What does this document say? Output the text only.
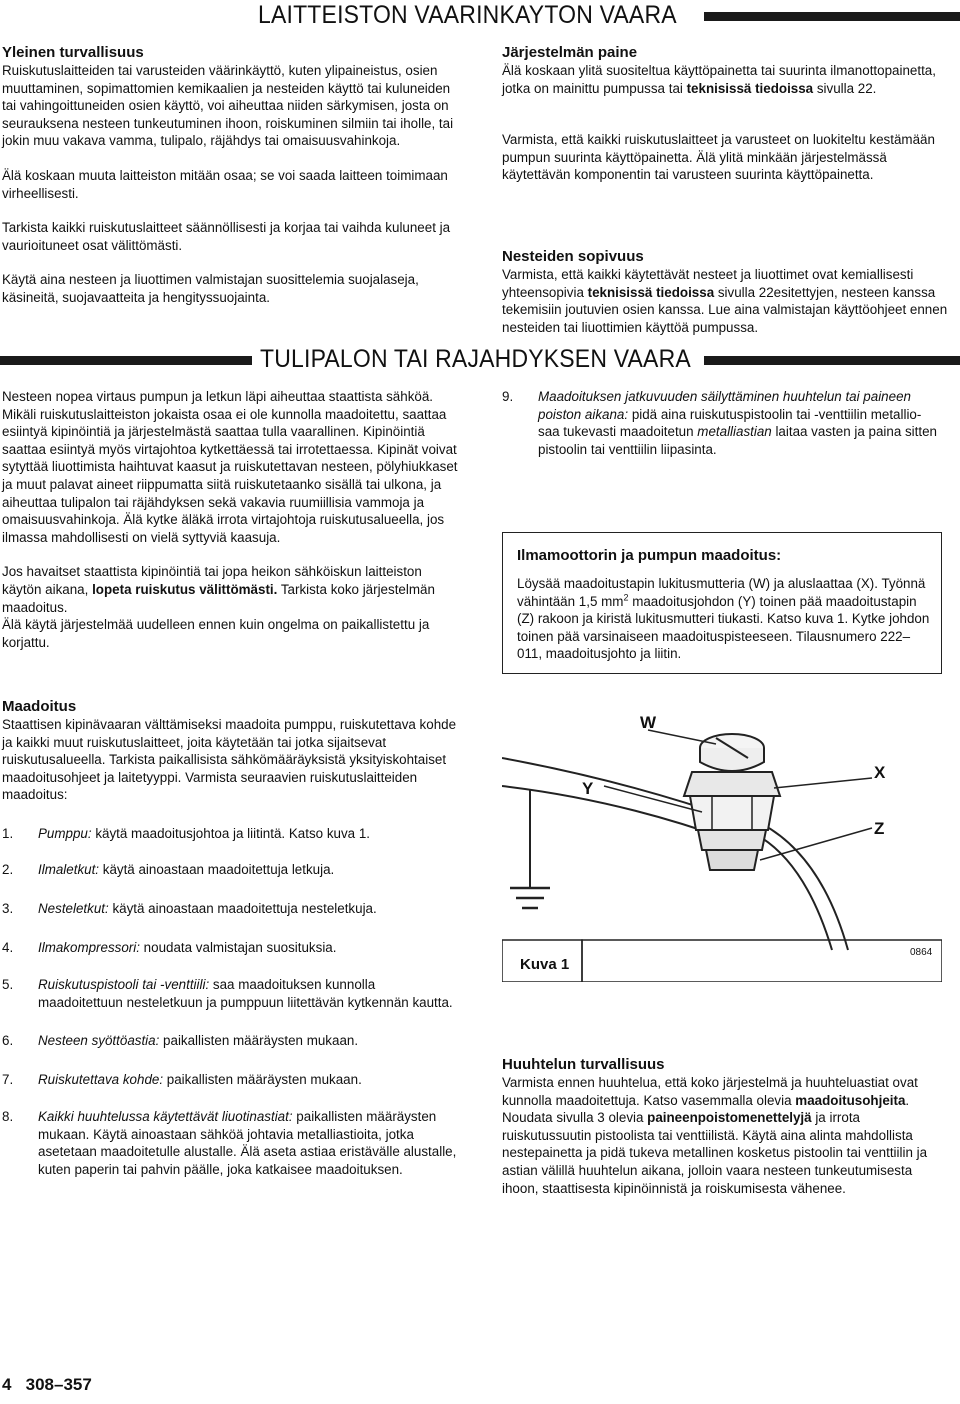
LAITTEISTON VAARINKAYTON VAARA
Yleinen turvallisuus

Ruiskutuslaitteiden tai varusteiden väärinkäyttö, kuten ylipaineistus, osien muuttaminen, sopimattomien kemikaalien ja nesteiden käyttö tai kuluneiden tai vahingoittuneiden osien käyttö, voi aiheuttaa niiden särkymisen, josta on seurauksena nesteen tunkeutuminen ihoon, roiskuminen silmiin tai iholle, tai jokin muu vakava vamma, tulipalo, räjähdys tai omaisuusvahinkoja.

Älä koskaan muuta laitteiston mitään osaa; se voi saada laitteen toimimaan virheellisesti.

Tarkista kaikki ruiskutuslaitteet säännöllisesti ja korjaa tai vaihda kuluneet ja vaurioituneet osat välittömästi.

Käytä aina nesteen ja liuottimen valmistajan suosittelemia suojalaseja, käsineitä, suojavaatteita ja hengityssuojainta.

Järjestelmän paine

Älä koskaan ylitä suositeltua käyttöpainetta tai suurinta ilmanottopainetta, jotka on mainittu pumpussa tai teknisissä tiedoissa sivulla 22.

Varmista, että kaikki ruiskutuslaitteet ja varusteet on luokiteltu kestämään pumpun suurinta käyttöpainetta. Älä ylitä minkään järjestelmässä käytettävän komponentin tai varusteen suurinta käyttöpainetta.

Nesteiden sopivuus

Varmista, että kaikki käytettävät nesteet ja liuottimet ovat kemiallisesti yhteensopivia teknisissä tiedoissa sivulla 22esitettyjen, nesteen kanssa tekemisiin joutuvien osien kanssa. Lue aina valmistajan käyttöohjeet ennen nesteiden tai liuottimien käyttöä pumpussa.

TULIPALON TAI RAJAHDYKSEN VAARA

Nesteen nopea virtaus pumpun ja letkun läpi aiheuttaa staattista sähköä. Mikäli ruiskutuslaitteiston jokaista osaa ei ole kunnolla maadoitettu, saattaa esiintyä kipinöintiä ja järjestelmästä saattaa tulla vaarallinen. Kipinöintiä saattaa esiintyä myös virtajohtoa kytkettäessä tai irrotettaessa. Kipinät voivat sytyttää liuottimista haihtuvat kaasut ja ruiskutettavan nesteen, pölyhiukkaset ja muut palavat aineet riippumatta siitä ruiskutetaanko sisällä tai ulkona, ja aiheuttaa tulipalon tai räjähdyksen sekä vakavia ruumiillisia vammoja ja omaisuusvahinkoja. Älä kytke äläkä irrota virtajohtoja ruiskutusalueella, jos ilmassa mahdollisesti on vielä syttyviä kaasuja.

Jos havaitset staattista kipinöintiä tai jopa heikon sähköiskun laitteiston käytön aikana, lopeta ruiskutus välittömästi. Tarkista koko järjestelmän maadoitus.

Älä käytä järjestelmää uudelleen ennen kuin ongelma on paikallistettu ja korjattu.

Maadoitus

Staattisen kipinävaaran välttämiseksi maadoita pumppu, ruiskutettava kohde ja kaikki muut ruiskutuslaitteet, joita käytetään tai jotka sijaitsevat ruiskutusalueella. Tarkista paikallisista sähkömääräyksistä yksityiskohtaiset maadoitusohjeet ja laitetyyppi. Varmista seuraavien ruiskutuslaitteiden maadoitus:

1. Pumppu: käytä maadoitusjohtoa ja liitintä. Katso kuva 1.

2. Ilmaletkut: käytä ainoastaan maadoitettuja letkuja.

3. Nesteletkut: käytä ainoastaan maadoitettuja nesteletkuja.

4. Ilmakompressori: noudata valmistajan suosituksia.

5. Ruiskutuspistooli tai -venttiili: saa maadoituksen kunnolla maadoitettuun nesteletkuun ja pumppuun liitettävän kytkennän kautta.

6. Nesteen syöttöastia: paikallisten määräysten mukaan.

7. Ruiskutettava kohde: paikallisten määräysten mukaan.

8. Kaikki huuhtelussa käytettävät liuotinastiat: paikallisten määräysten mukaan. Käytä ainoastaan sähköä johtavia metalliastioita, jotka asetetaan maadoitetulle alustalle. Älä aseta astiaa eristävälle alustalle, kuten paperin tai pahvin päälle, joka katkaisee maadoituksen.

9. Maadoituksen jatkuvuuden säilyttäminen huuhtelun tai paineen poiston aikana: pidä aina ruiskutuspistoolin tai -venttiilin metallio-saa tukevasti maadoitetun metalliastian laitaa vasten ja paina sitten pistoolin tai venttiilin liipasinta.

Ilmamoottorin ja pumpun maadoitus:

Löysää maadoitustapin lukitusmutteria (W) ja aluslaattaa (X). Työnnä vähintään 1,5 $mm^2$ maadoitusjohdon (Y) toinen pää maadoitustapin (Z) rakoon ja kiristä lukitusmutteri tiukasti. Katso kuva 1. Kytke johdon toinen pää varsinaiseen maadoituspisteeseen. Tilausnumero 222–011, maadoitusjohto ja liitin.

W
X
Y
Z
Kuva 1
0864
Huuhtelun turvallisuus

Varmista ennen huuhtelua, että koko järjestelmä ja huuhteluastiat ovat kunnolla maadoitettuja. Katso vasemmalla olevia maadoitusohjeita. Noudata sivulla 3 olevia paineenpoistomenettelyjä ja irrota ruiskutussuutin pistoolista tai venttiilistä. Käytä aina alinta mahdollista nestepainetta ja pidä tukeva metallinen kosketus pistoolin tai venttiilin ja astian välillä huuhtelun aikana, jolloin vaara nesteen tunkeutumisesta ihoon, staattisesta kipinöinnistä ja roiskumisesta vähenee.

4   308–357
